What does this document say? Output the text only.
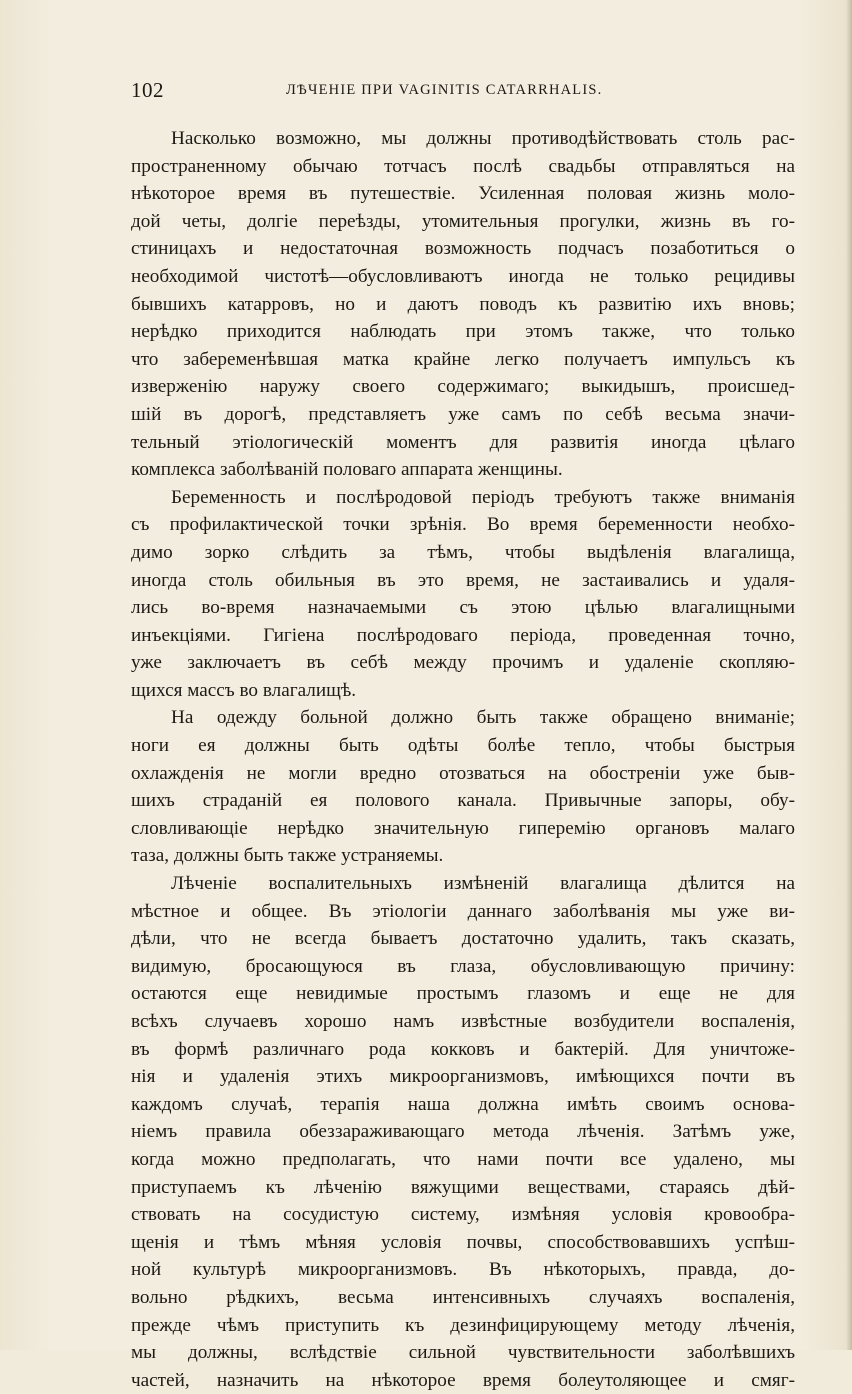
102	ЛѢЧЕНІЕ ПРИ VAGINITIS CATARRHALIS.
Насколько возможно, мы должны противодѣйствовать столь рас-
пространенному обычаю тотчасъ послѣ свадьбы отправляться на
нѣкоторое время въ путешествіе. Усиленная половая жизнь моло-
дой четы, долгіе переѣзды, утомительныя прогулки, жизнь въ го-
стиницахъ и недостаточная возможность подчасъ позаботиться о
необходимой чистотѣ—обусловливаютъ иногда не только рецидивы
бывшихъ катарровъ, но и даютъ поводъ къ развитію ихъ вновь;
нерѣдко приходится наблюдать при этомъ также, что только
что забеременѣвшая матка крайне легко получаетъ импульсъ къ
изверженію наружу своего содержимаго; выкидышъ, происшед-
шій въ дорогѣ, представляетъ уже самъ по себѣ весьма значи-
тельный этіологическій моментъ для развитія иногда цѣлаго
комплекса заболѣваній половаго аппарата женщины.
Беременность и послѣродовой періодъ требуютъ также вниманія
съ профилактической точки зрѣнія. Во время беременности необхо-
димо зорко слѣдить за тѣмъ, чтобы выдѣленія влагалища,
иногда столь обильныя въ это время, не застаивались и удаля-
лись во-время назначаемыми съ этою цѣлью влагалищными
инъекціями. Гигіена послѣродоваго періода, проведенная точно,
уже заключаетъ въ себѣ между прочимъ и удаленіе скопляю-
щихся массъ во влагалищѣ.
На одежду больной должно быть также обращено вниманіе;
ноги ея должны быть одѣты болѣе тепло, чтобы быстрыя
охлажденія не могли вредно отозваться на обостреніи уже быв-
шихъ страданій ея полового канала. Привычные запоры, обу-
словливающіе нерѣдко значительную гиперемію органовъ малаго
таза, должны быть также устраняемы.
Лѣченіе воспалительныхъ измѣненій влагалища дѣлится на
мѣстное и общее. Въ этіологіи даннаго заболѣванія мы уже ви-
дѣли, что не всегда бываетъ достаточно удалить, такъ сказать,
видимую, бросающуюся въ глаза, обусловливающую причину:
остаются еще невидимые простымъ глазомъ и еще не для
всѣхъ случаевъ хорошо намъ извѣстные возбудители воспаленія,
въ формѣ различнаго рода кокковъ и бактерій. Для уничтоже-
нія и удаленія этихъ микроорганизмовъ, имѣющихся почти въ
каждомъ случаѣ, терапія наша должна имѣть своимъ основа-
ніемъ правила обеззараживающаго метода лѣченія. Затѣмъ уже,
когда можно предполагать, что нами почти все удалено, мы
приступаемъ къ лѣченію вяжущими веществами, стараясь дѣй-
ствовать на сосудистую систему, измѣняя условія кровообра-
щенія и тѣмъ мѣняя условія почвы, способствовавшихъ успѣш-
ной культурѣ микроорганизмовъ. Въ нѣкоторыхъ, правда, до-
вольно рѣдкихъ, весьма интенсивныхъ случаяхъ воспаленія,
прежде чѣмъ приступить къ дезинфицирующему методу лѣченія,
мы должны, вслѣдствіе сильной чувствительности заболѣвшихъ
частей, назначить на нѣкоторое время болеутоляющее и смяг-
